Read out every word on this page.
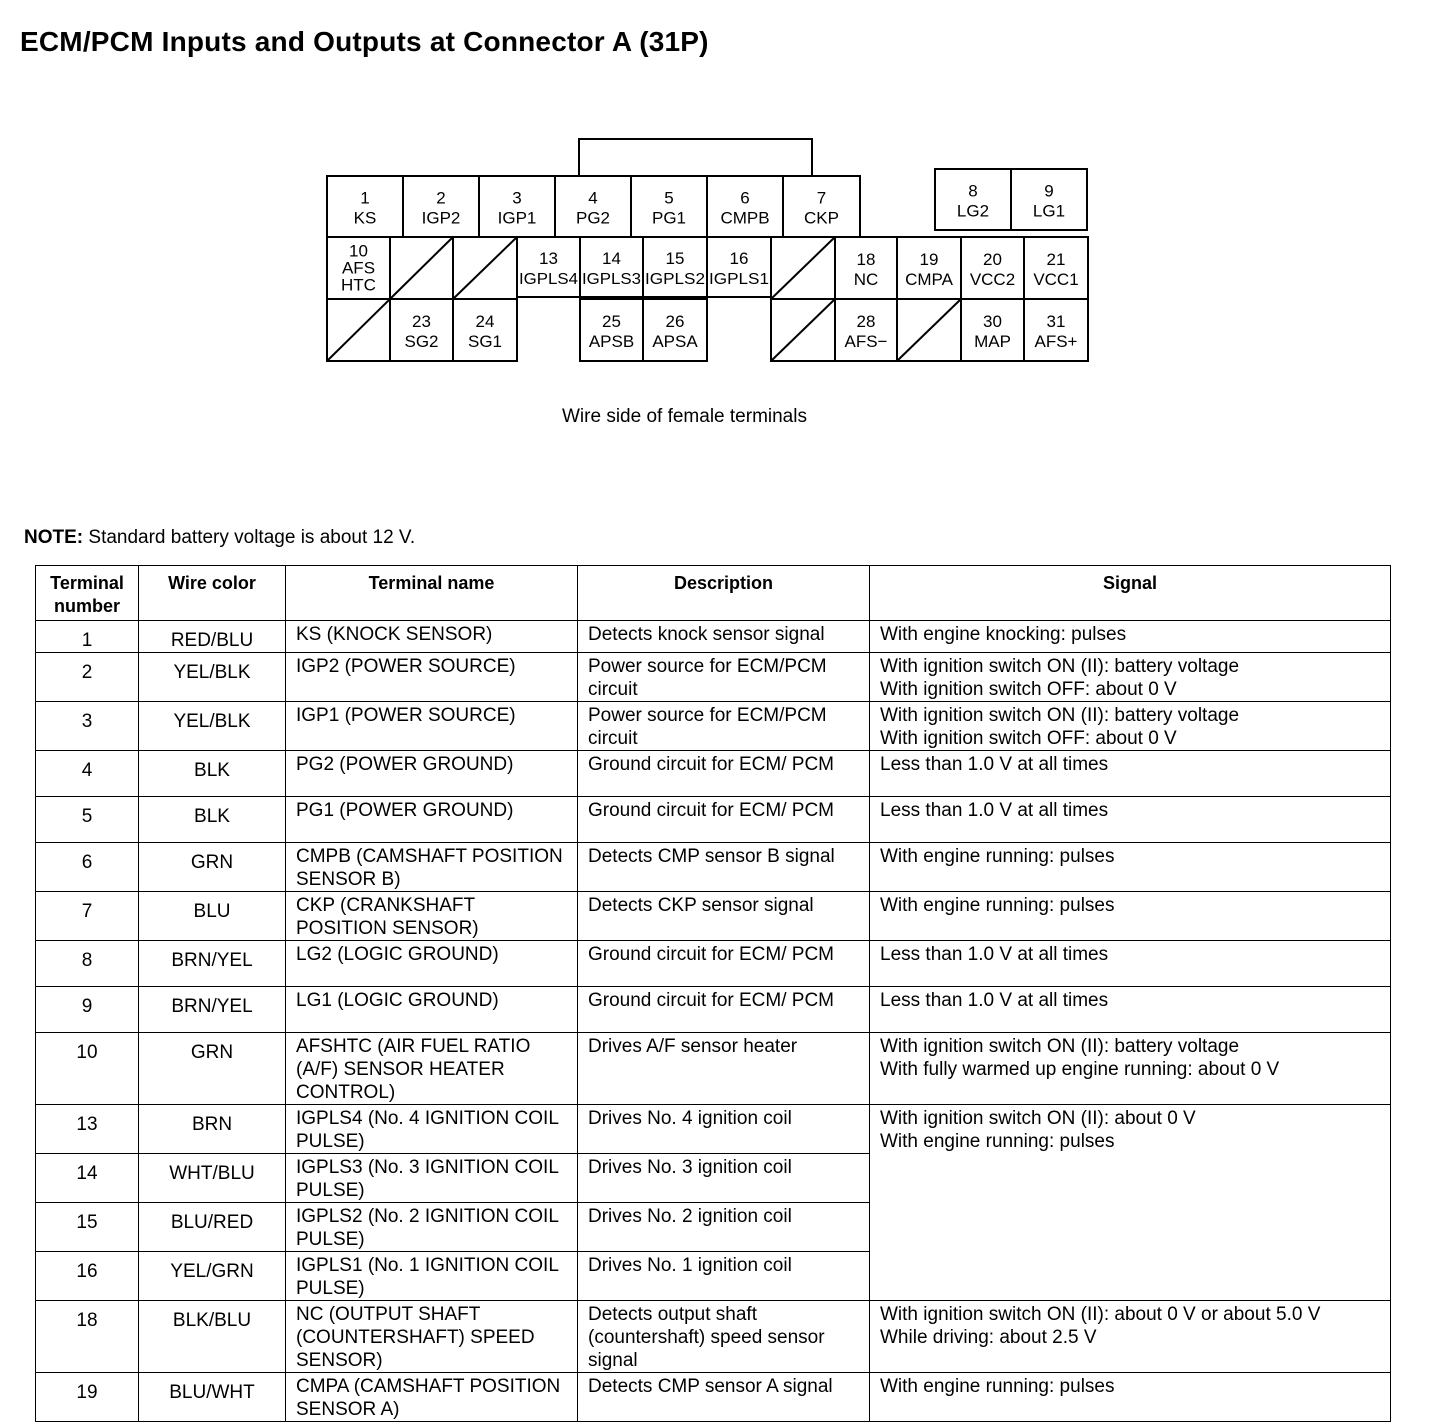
ECM/PCM Inputs and Outputs at Connector A (31P)
1
KS
2
IGP2
3
IGP1
4
PG2
5
PG1
6
CMPB
7
CKP
8
LG2
9
LG1
10
AFS
HTC
13
IGPLS4
14
IGPLS3
15
IGPLS2
16
IGPLS1
18
NC
19
CMPA
20
VCC2
21
VCC1
23
SG2
24
SG1
25
APSB
26
APSA
28
AFS−
30
MAP
31
AFS+
Wire side of female terminals
NOTE: Standard battery voltage is about 12 V.
Terminal number	Wire color	Terminal name	Description	Signal
1	RED/BLU	KS (KNOCK SENSOR)	Detects knock sensor signal	With engine knocking: pulses
2	YEL/BLK	IGP2 (POWER SOURCE)	Power source for ECM/PCM circuit	With ignition switch ON (II): battery voltage
With ignition switch OFF: about 0 V
3	YEL/BLK	IGP1 (POWER SOURCE)	Power source for ECM/PCM circuit	With ignition switch ON (II): battery voltage
With ignition switch OFF: about 0 V
4	BLK	PG2 (POWER GROUND)	Ground circuit for ECM/ PCM	Less than 1.0 V at all times
5	BLK	PG1 (POWER GROUND)	Ground circuit for ECM/ PCM	Less than 1.0 V at all times
6	GRN	CMPB (CAMSHAFT POSITION SENSOR B)	Detects CMP sensor B signal	With engine running: pulses
7	BLU	CKP (CRANKSHAFT POSITION SENSOR)	Detects CKP sensor signal	With engine running: pulses
8	BRN/YEL	LG2 (LOGIC GROUND)	Ground circuit for ECM/ PCM	Less than 1.0 V at all times
9	BRN/YEL	LG1 (LOGIC GROUND)	Ground circuit for ECM/ PCM	Less than 1.0 V at all times
10	GRN	AFSHTC (AIR FUEL RATIO (A/F) SENSOR HEATER CONTROL)	Drives A/F sensor heater	With ignition switch ON (II): battery voltage
With fully warmed up engine running: about 0 V
13	BRN	IGPLS4 (No. 4 IGNITION COIL PULSE)	Drives No. 4 ignition coil	With ignition switch ON (II): about 0 V
With engine running: pulses
14	WHT/BLU	IGPLS3 (No. 3 IGNITION COIL PULSE)	Drives No. 3 ignition coil	
15	BLU/RED	IGPLS2 (No. 2 IGNITION COIL PULSE)	Drives No. 2 ignition coil	
16	YEL/GRN	IGPLS1 (No. 1 IGNITION COIL PULSE)	Drives No. 1 ignition coil	
18	BLK/BLU	NC (OUTPUT SHAFT (COUNTERSHAFT) SPEED SENSOR)	Detects output shaft (countershaft) speed sensor signal	With ignition switch ON (II): about 0 V or about 5.0 V
While driving: about 2.5 V
19	BLU/WHT	CMPA (CAMSHAFT POSITION SENSOR A)	Detects CMP sensor A signal	With engine running: pulses
